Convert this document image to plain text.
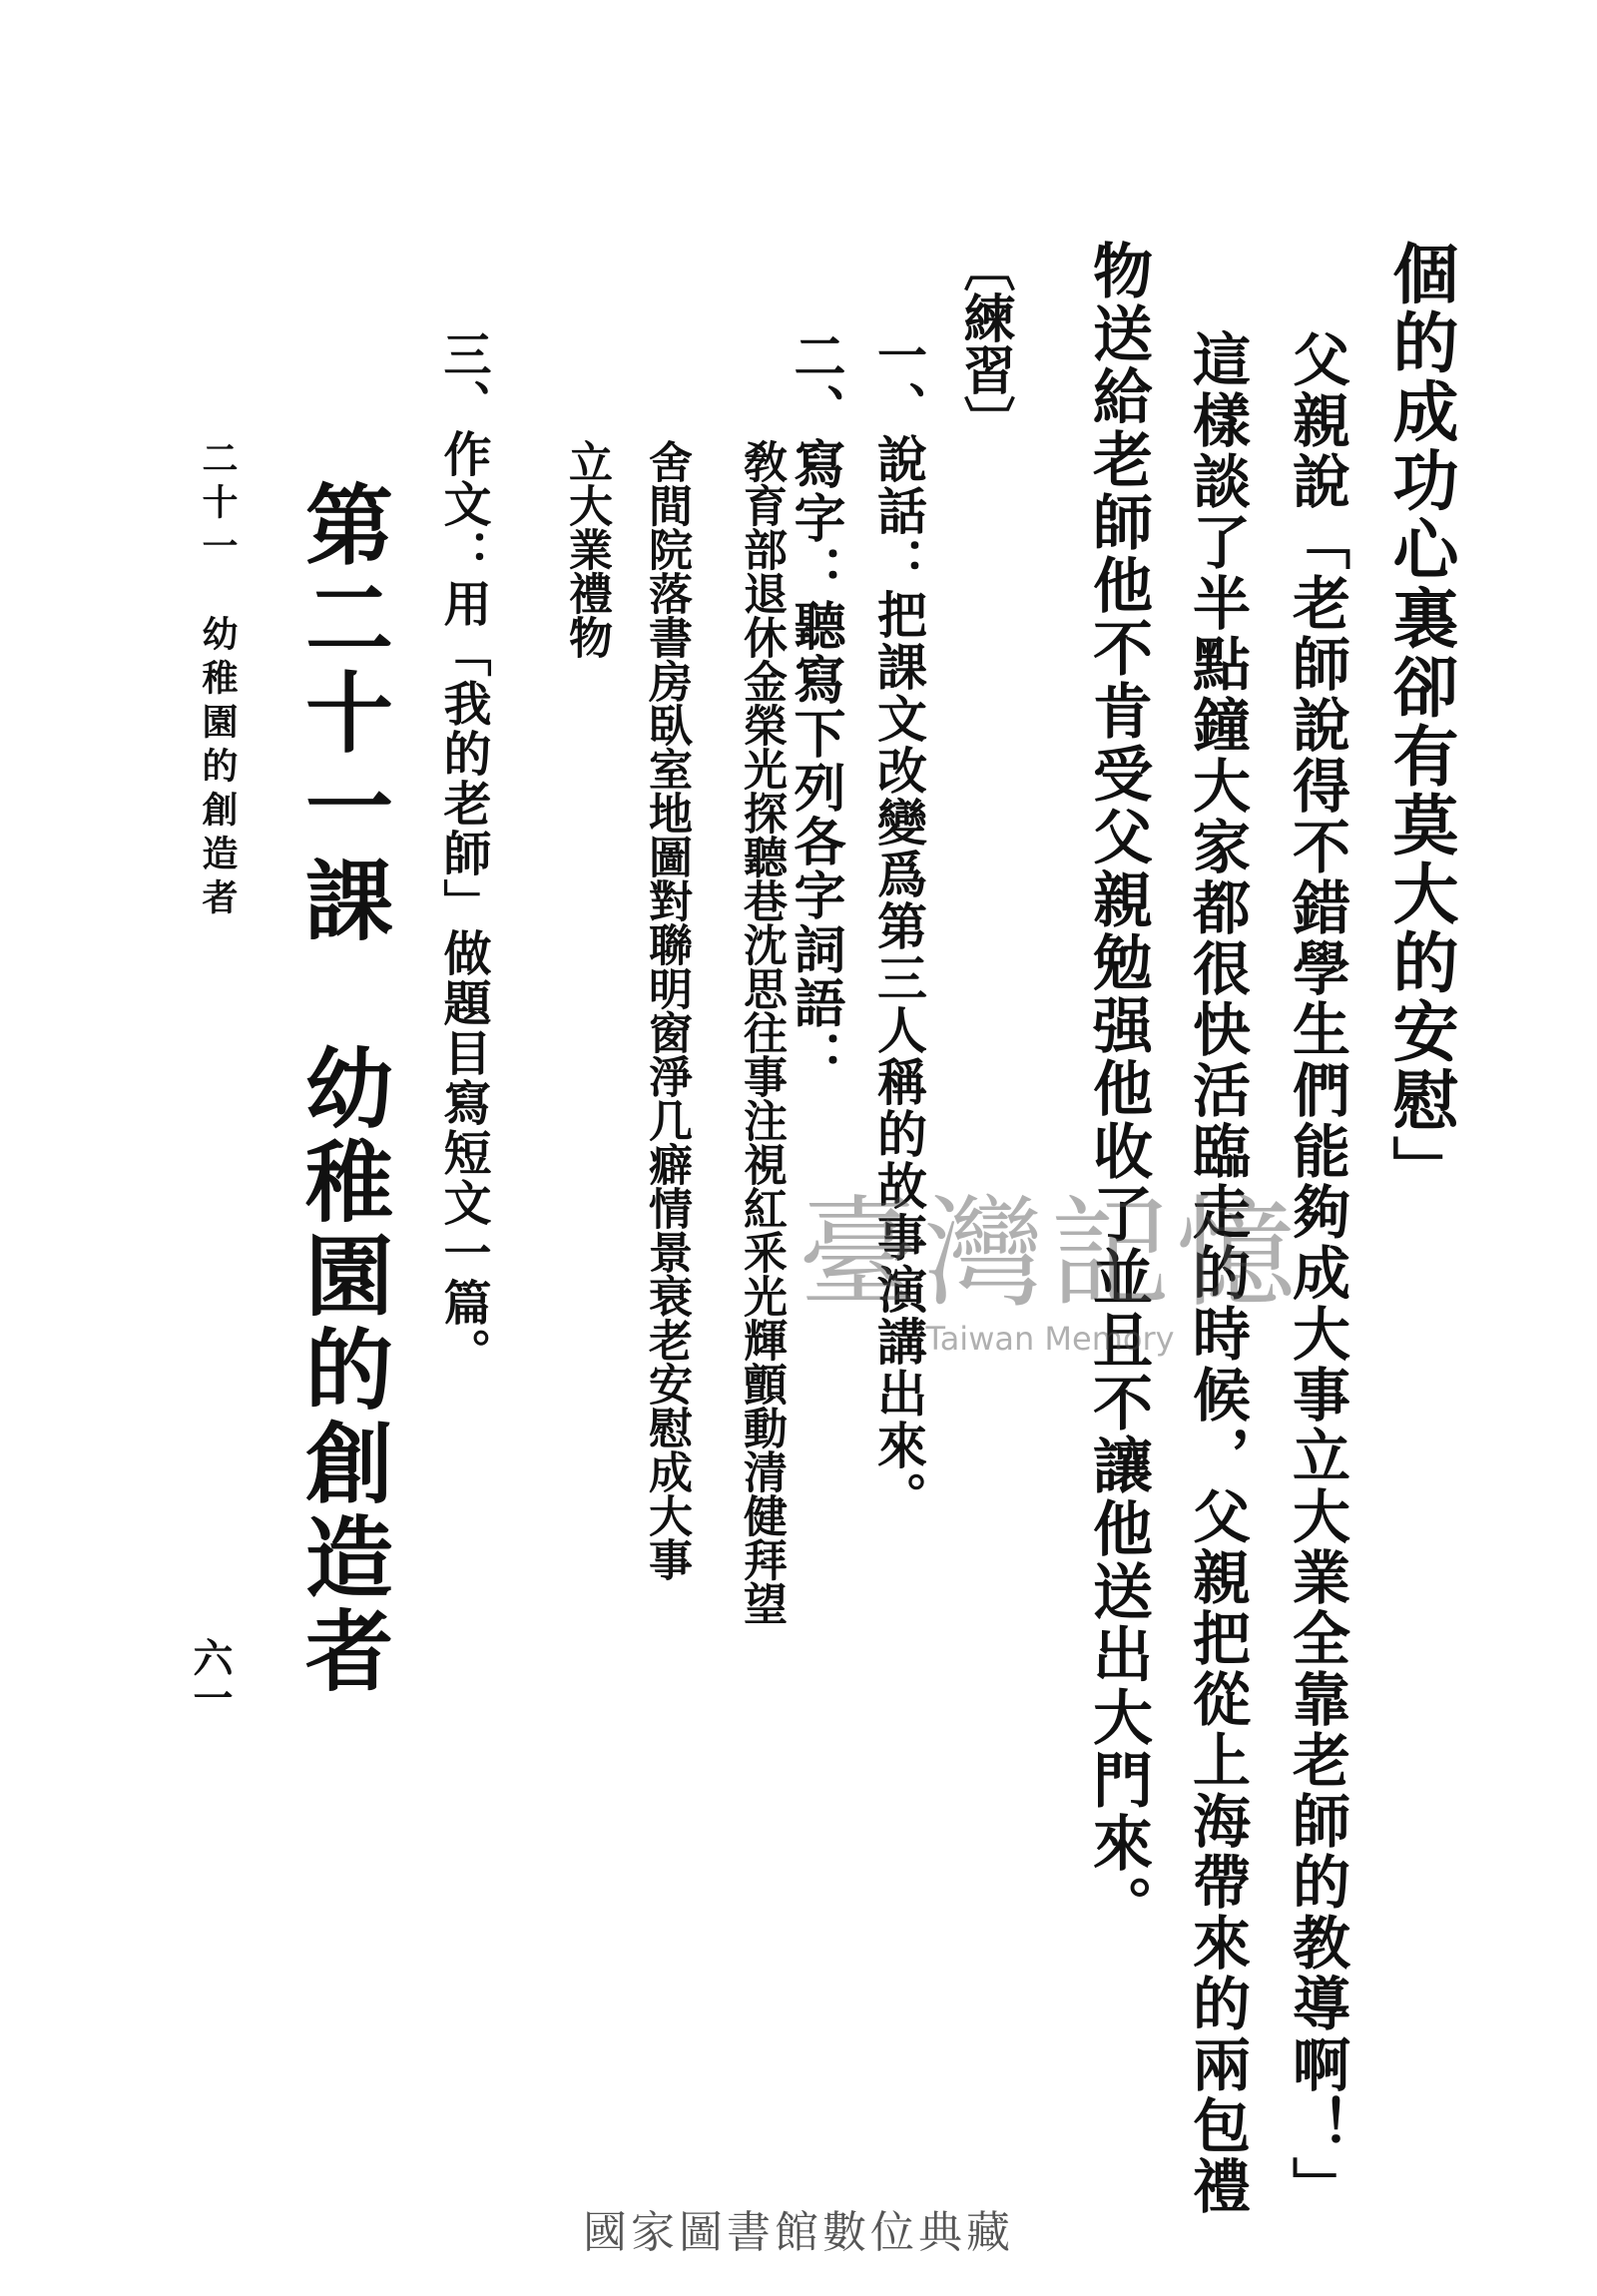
個的成功心裏卻有莫大的安慰」
父親說「老師說得不錯學生們能夠成大事立大業全靠老師的教導啊！」
這樣談了半點鐘大家都很快活臨走的時候，父親把從上海帶來的兩包禮
物送給老師他不肯受父親勉强他收了並且不讓他送出大門來。
〔練習〕
一、說話：把課文改變爲第三人稱的故事演講出來。
二、寫字：聽寫下列各字詞語：
敎育部退休金榮光探聽巷沈思往事注視紅釆光輝顫動清健拜望
舍間院落書房臥室地圖對聯明窗淨几癖情景衰老安慰成大事
立大業禮物
三、作文：用「我的老師」做題目寫短文一篇。
第二十一課　幼稚園的創造者
二十一　幼稚園的創造者
六一
臺灣記憶
Taiwan Memory
國家圖書館數位典藏
